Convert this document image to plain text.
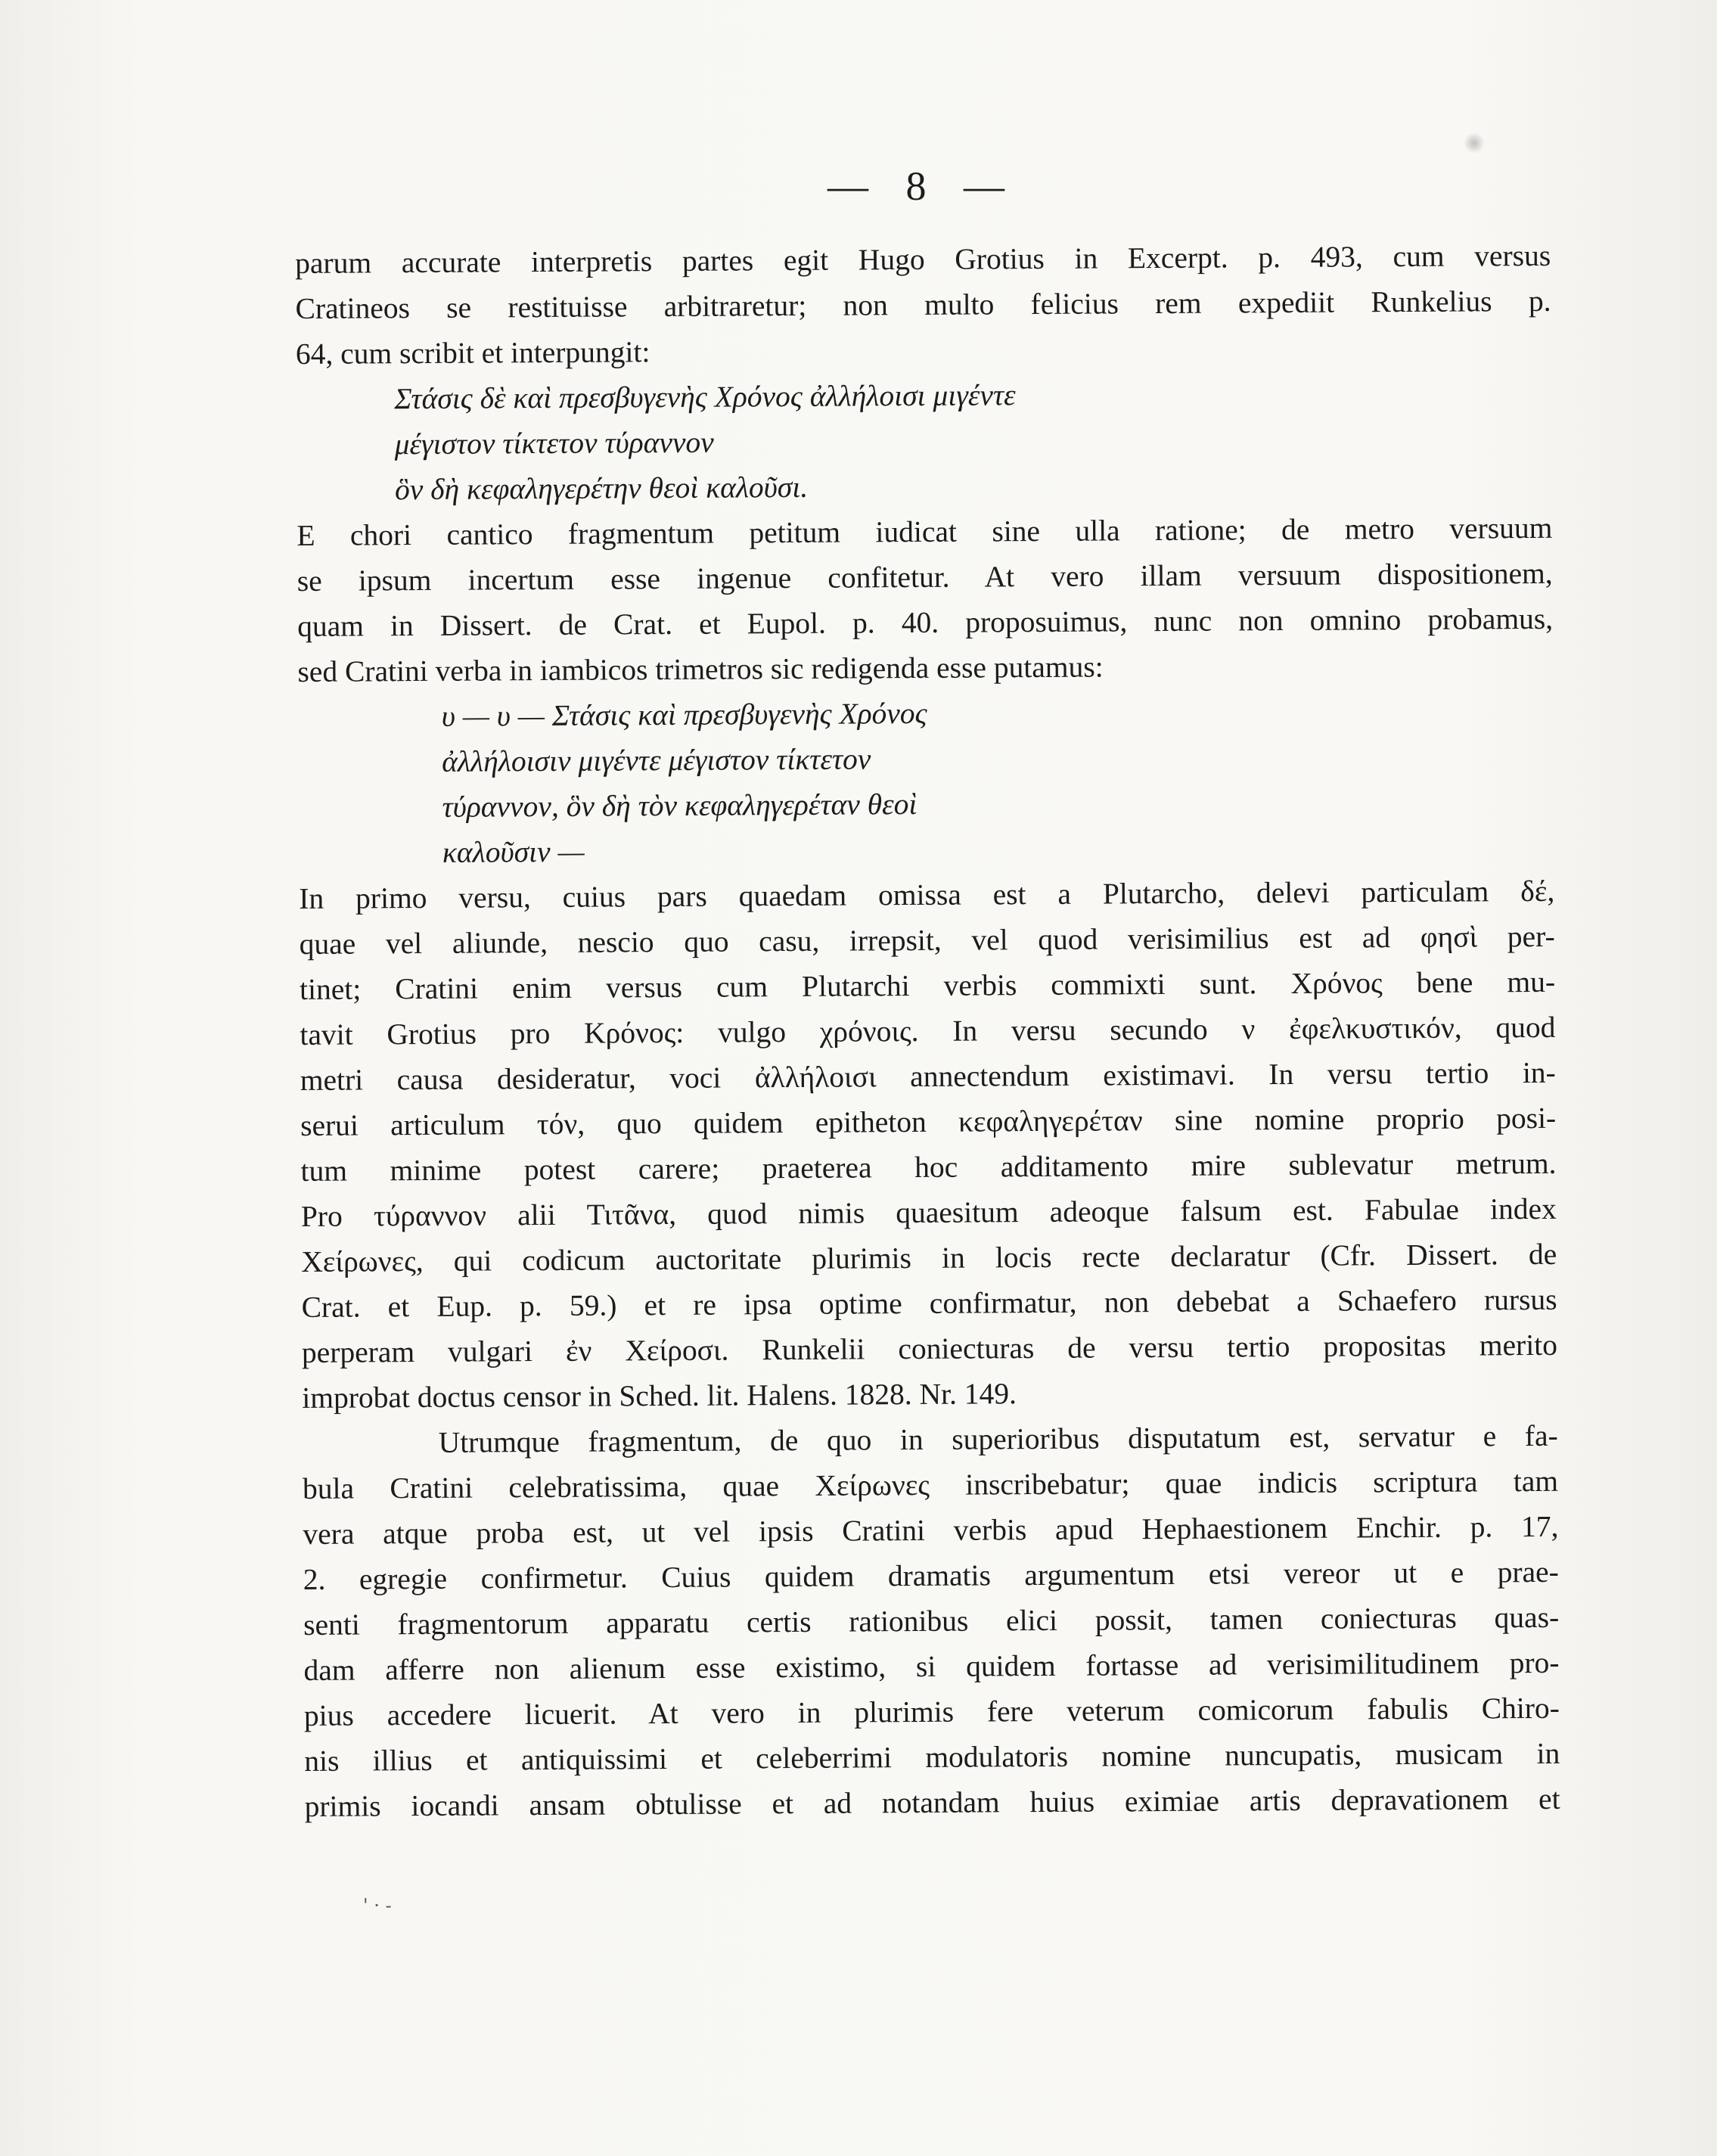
— 8 —

parum accurate interpretis partes egit Hugo Grotius in Excerpt. p. 493, cum versus
Cratineos se restituisse arbitraretur; non multo felicius rem expediit Runkelius p.
64, cum scribit et interpungit:

Στάσις δὲ καὶ πρεσβυγενὴς Χρόνος ἀλλήλοισι μιγέντε
μέγιστον τίκτετον τύραννον
ὃν δὴ κεφαληγερέτην θεοὶ καλοῦσι.

E chori cantico fragmentum petitum iudicat sine ulla ratione; de metro versuum
se ipsum incertum esse ingenue confitetur. At vero illam versuum dispositionem,
quam in Dissert. de Crat. et Eupol. p. 40. proposuimus, nunc non omnino probamus,
sed Cratini verba in iambicos trimetros sic redigenda esse putamus:

υ — υ — Στάσις καὶ πρεσβυγενὴς Χρόνος
ἀλλήλοισιν μιγέντε μέγιστον τίκτετον
τύραννον, ὃν δὴ τὸν κεφαληγερέταν θεοὶ
καλοῦσιν —

In primo versu, cuius pars quaedam omissa est a Plutarcho, delevi particulam δέ,
quae vel aliunde, nescio quo casu, irrepsit, vel quod verisimilius est ad φησὶ per-
tinet; Cratini enim versus cum Plutarchi verbis commixti sunt. Χρόνος bene mu-
tavit Grotius pro Κρόνος: vulgo χρόνοις. In versu secundo ν ἐφελκυστικόν, quod
metri causa desideratur, voci ἀλλήλοισι annectendum existimavi. In versu tertio in-
serui articulum τόν, quo quidem epitheton κεφαληγερέταν sine nomine proprio posi-
tum minime potest carere; praeterea hoc additamento mire sublevatur metrum.
Pro τύραννον alii Τιτᾶνα, quod nimis quaesitum adeoque falsum est. Fabulae index
Χείρωνες, qui codicum auctoritate plurimis in locis recte declaratur (Cfr. Dissert. de
Crat. et Eup. p. 59.) et re ipsa optime confirmatur, non debebat a Schaefero rursus
perperam vulgari ἐν Χείροσι. Runkelii coniecturas de versu tertio propositas merito
improbat doctus censor in Sched. lit. Halens. 1828. Nr. 149.

Utrumque fragmentum, de quo in superioribus disputatum est, servatur e fa-
bula Cratini celebratissima, quae Χείρωνες inscribebatur; quae indicis scriptura tam
vera atque proba est, ut vel ipsis Cratini verbis apud Hephaestionem Enchir. p. 17,
2. egregie confirmetur. Cuius quidem dramatis argumentum etsi vereor ut e prae-
senti fragmentorum apparatu certis rationibus elici possit, tamen coniecturas quas-
dam afferre non alienum esse existimo, si quidem fortasse ad verisimilitudinem pro-
pius accedere licuerit. At vero in plurimis fere veterum comicorum fabulis Chiro-
nis illius et antiquissimi et celeberrimi modulatoris nomine nuncupatis, musicam in
primis iocandi ansam obtulisse et ad notandam huius eximiae artis depravationem et

' · -
